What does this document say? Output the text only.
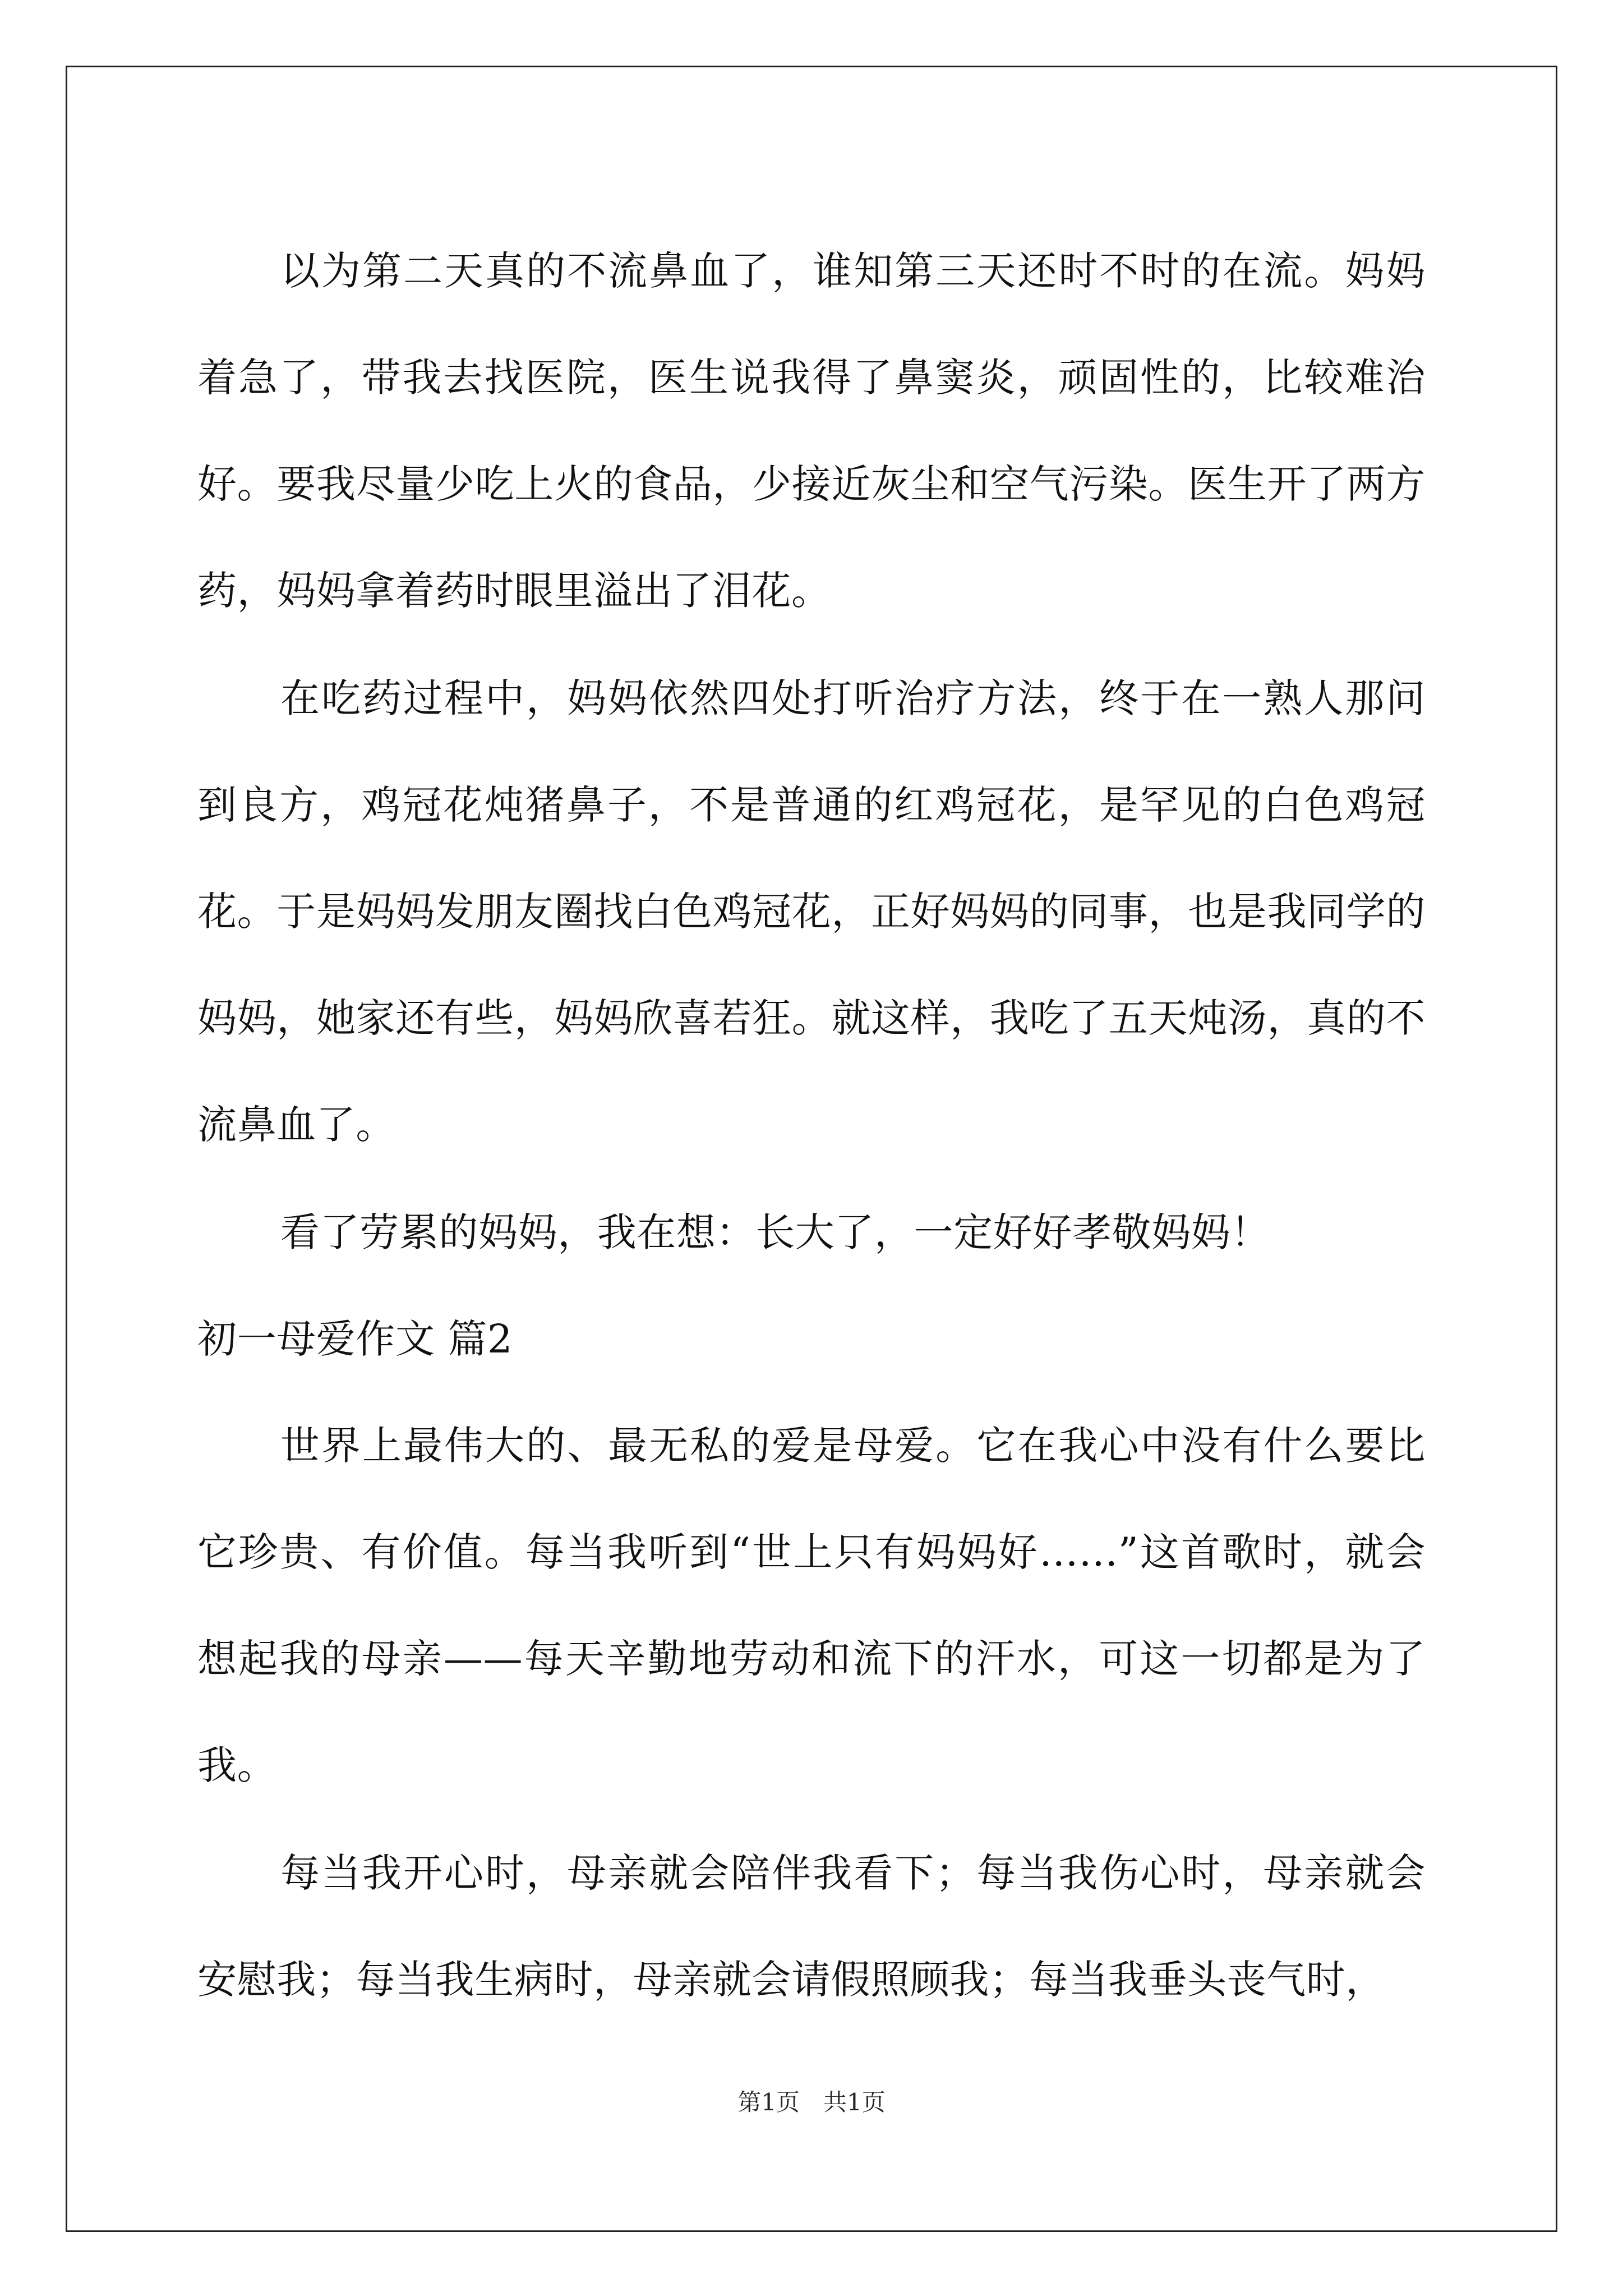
以为第二天真的不流鼻血了，谁知第三天还时不时的在流。妈妈着急了，带我去找医院，医生说我得了鼻窦炎，顽固性的，比较难治好。要我尽量少吃上火的食品，少接近灰尘和空气污染。医生开了两方药，妈妈拿着药时眼里溢出了泪花。

在吃药过程中，妈妈依然四处打听治疗方法，终于在一熟人那问到良方，鸡冠花炖猪鼻子，不是普通的红鸡冠花，是罕见的白色鸡冠花。于是妈妈发朋友圈找白色鸡冠花，正好妈妈的同事，也是我同学的妈妈，她家还有些，妈妈欣喜若狂。就这样，我吃了五天炖汤，真的不流鼻血了。

看了劳累的妈妈，我在想：长大了，一定好好孝敬妈妈！

初一母爱作文 篇2

世界上最伟大的、最无私的爱是母爱。它在我心中没有什么要比它珍贵、有价值。每当我听到“世上只有妈妈好……”这首歌时，就会想起我的母亲——每天辛勤地劳动和流下的汗水，可这一切都是为了我。

每当我开心时，母亲就会陪伴我看下；每当我伤心时，母亲就会安慰我；每当我生病时，母亲就会请假照顾我；每当我垂头丧气时，

第1页　共1页
